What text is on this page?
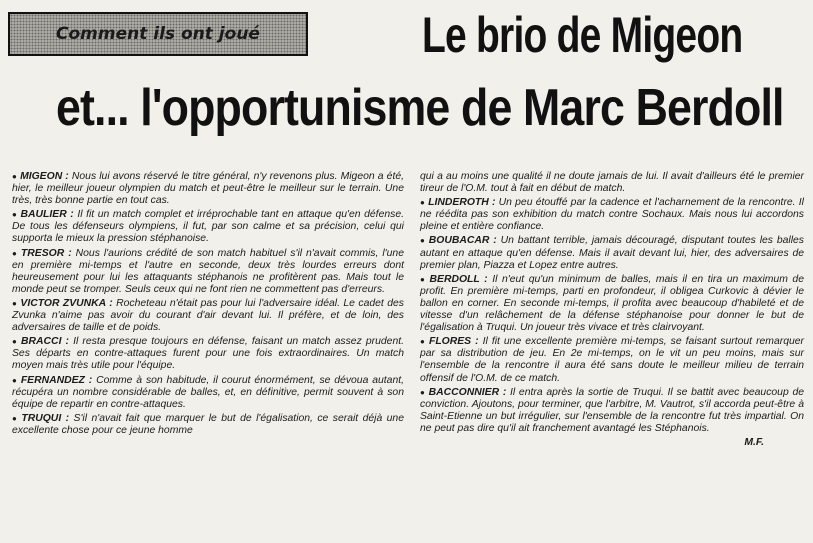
Comment ils ont joué	Le brio de Migeon
et... l'opportunisme de Marc Berdoll
● MIGEON : Nous lui avons réservé le titre général, n'y revenons plus. Migeon a été, hier, le meilleur joueur olympien du match et peut-être le meilleur sur le terrain. Une très, très bonne partie en tout cas.
● BAULIER : Il fit un match complet et irréprochable tant en attaque qu'en défense. De tous les défenseurs olympiens, il fut, par son calme et sa précision, celui qui supporta le mieux la pression stéphanoise.
● TRESOR : Nous l'aurions crédité de son match habituel s'il n'avait commis, l'une en première mi-temps et l'autre en seconde, deux très lourdes erreurs dont heureusement pour lui les attaquants stéphanois ne profitèrent pas. Mais tout le monde peut se tromper. Seuls ceux qui ne font rien ne commettent pas d'erreurs.
● VICTOR ZVUNKA : Rocheteau n'était pas pour lui l'adversaire idéal. Le cadet des Zvunka n'aime pas avoir du courant d'air devant lui. Il préfère, et de loin, des adversaires de taille et de poids.
● BRACCI : Il resta presque toujours en défense, faisant un match assez prudent. Ses départs en contre-attaques furent pour une fois extraordinaires. Un match moyen mais très utile pour l'équipe.
● FERNANDEZ : Comme à son habitude, il courut énormément, se dévoua autant, récupéra un nombre considérable de balles, et, en définitive, permit souvent à son équipe de repartir en contre-attaques.
● TRUQUI : S'il n'avait fait que marquer le but de l'égalisation, ce serait déjà une excellente chose pour ce jeune homme
qui a au moins une qualité il ne doute jamais de lui. Il avait d'ailleurs été le premier tireur de l'O.M. tout à fait en début de match.
● LINDEROTH : Un peu étouffé par la cadence et l'acharnement de la rencontre. Il ne réédita pas son exhibition du match contre Sochaux. Mais nous lui accordons pleine et entière confiance.
● BOUBACAR : Un battant terrible, jamais découragé, disputant toutes les balles autant en attaque qu'en défense. Mais il avait devant lui, hier, des adversaires de premier plan, Piazza et Lopez entre autres.
● BERDOLL : Il n'eut qu'un minimum de balles, mais il en tira un maximum de profit. En première mi-temps, parti en profondeur, il obligea Curkovic à dévier le ballon en corner. En seconde mi-temps, il profita avec beaucoup d'habileté et de vitesse d'un relâchement de la défense stéphanoise pour donner le but de l'égalisation à Truqui. Un joueur très vivace et très clairvoyant.
● FLORES : Il fit une excellente première mi-temps, se faisant surtout remarquer par sa distribution de jeu. En 2e mi-temps, on le vit un peu moins, mais sur l'ensemble de la rencontre il aura été sans doute le meilleur milieu de terrain offensif de l'O.M. de ce match.
● BACCONNIER : Il entra après la sortie de Truqui. Il se battit avec beaucoup de conviction. Ajoutons, pour terminer, que l'arbitre, M. Vautrot, s'il accorda peut-être à Saint-Etienne un but irrégulier, sur l'ensemble de la rencontre fut très impartial. On ne peut pas dire qu'il ait franchement avantagé les Stéphanois.
M.F.
